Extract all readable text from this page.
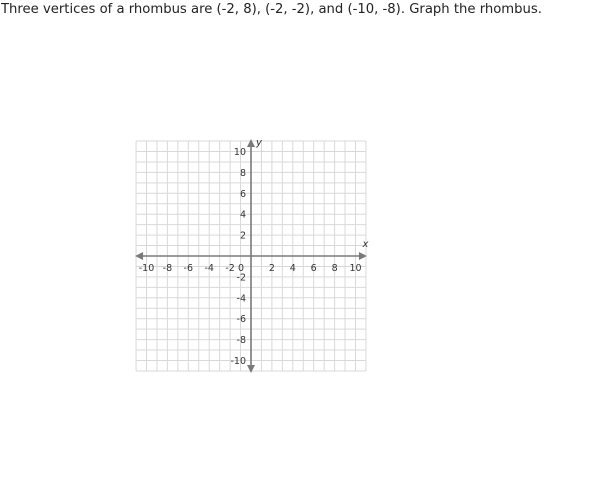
Three vertices of a rhombus are (-2, 8), (-2, -2), and (-10, -8). Graph the rhombus.
-10 -8 -6 -4 -2 0	2 4 6 8 10
10
8
6
4
2
-2
-4
-6
-8
-10
x
y
